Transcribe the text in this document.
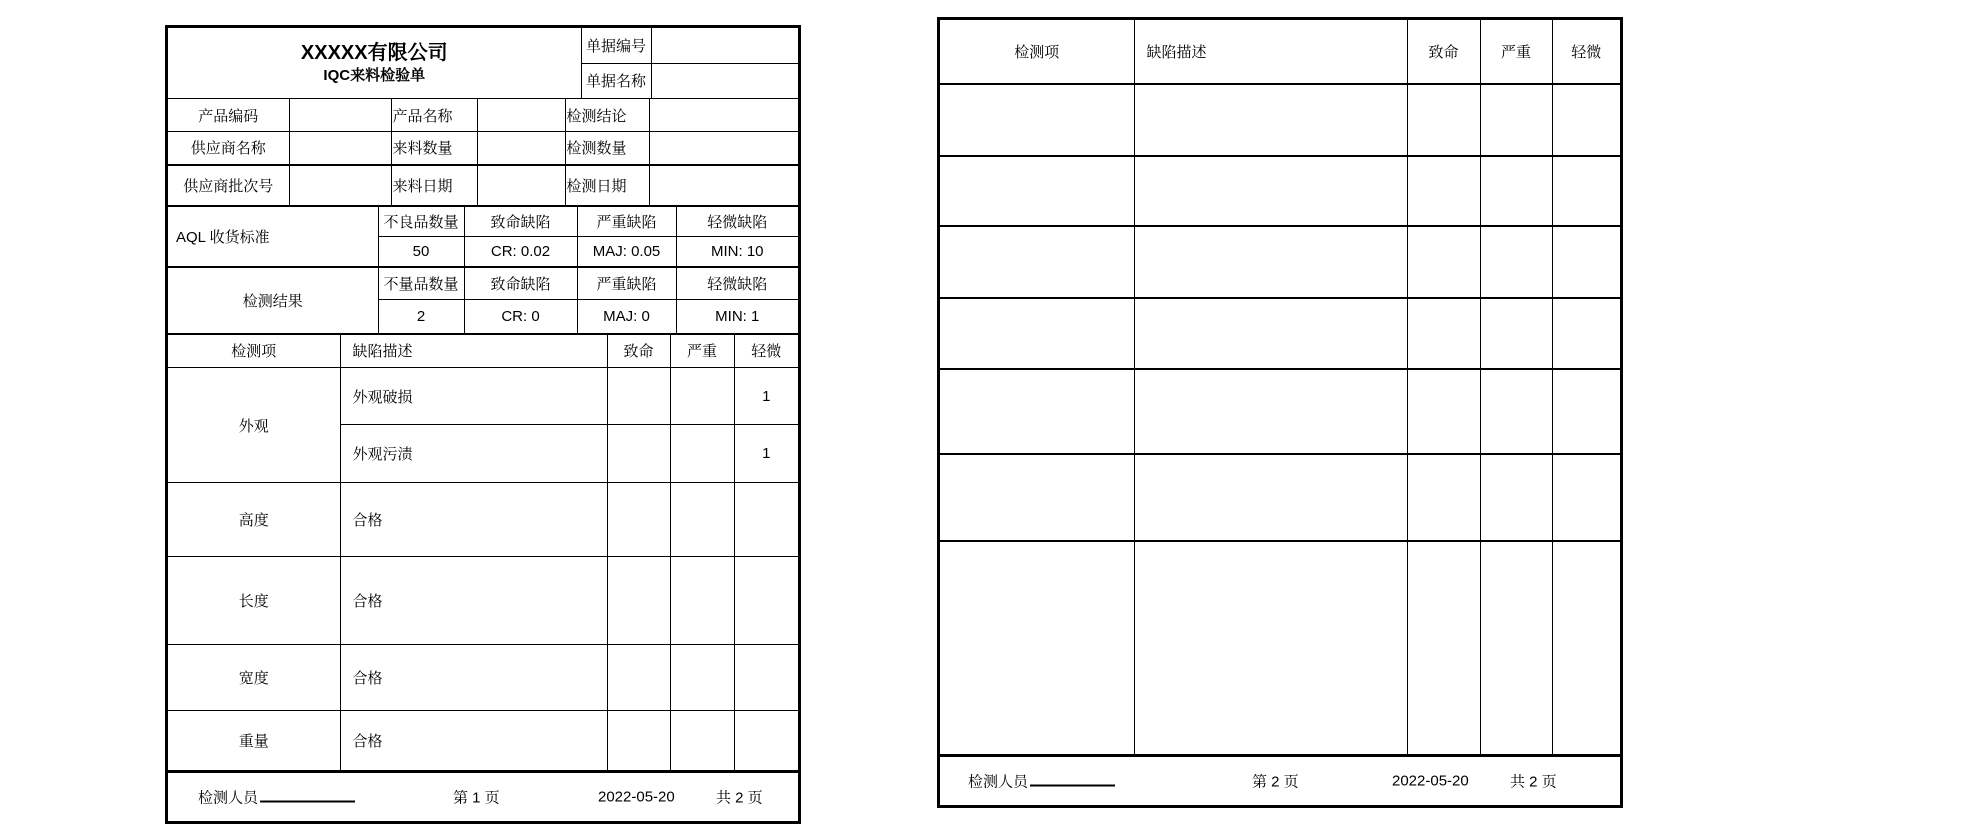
XXXXX有限公司
IQC来料检验单	单据编号	
	单据名称	
产品编码		产品名称		检测结论	
供应商名称		来料数量		检测数量	
供应商批次号		来料日期		检测日期	
AQL 收货标准	不良品数量	致命缺陷	严重缺陷	轻微缺陷
	50	CR: 0.02	MAJ: 0.05	MIN: 10
检测结果	不量品数量	致命缺陷	严重缺陷	轻微缺陷
	2	CR: 0	MAJ: 0	MIN: 1
检测项	缺陷描述	致命	严重	轻微
外观	外观破损			1
	外观污渍			1
高度	合格			
长度	合格			
宽度	合格			
重量	合格			
检测人员	第 1 页	2022-05-20	共 2 页
检测项	缺陷描述	致命	严重	轻微

检测人员	第 2 页	2022-05-20	共 2 页
